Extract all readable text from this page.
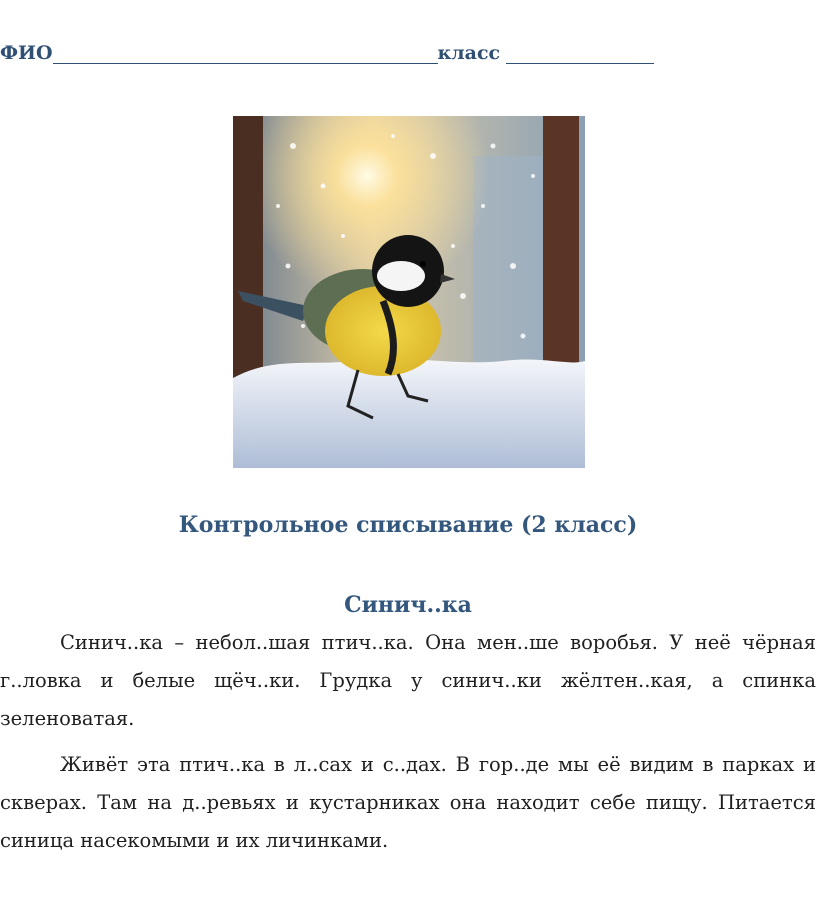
ФИО	класс
Контрольное списывание (2 класс)
Синич..ка

Синич..ка – небол..шая птич..ка. Она мен..ше воробья. У неё чёрная г..ловка и белые щёч..ки. Грудка у синич..ки жёлтен..кая, а спинка зеленоватая.

Живёт эта птич..ка в л..сах и с..дах. В гор..де мы её видим в парках и скверах. Там на д..ревьях и кустарниках она находит себе пищу. Питается синица насекомыми и их личинками.
